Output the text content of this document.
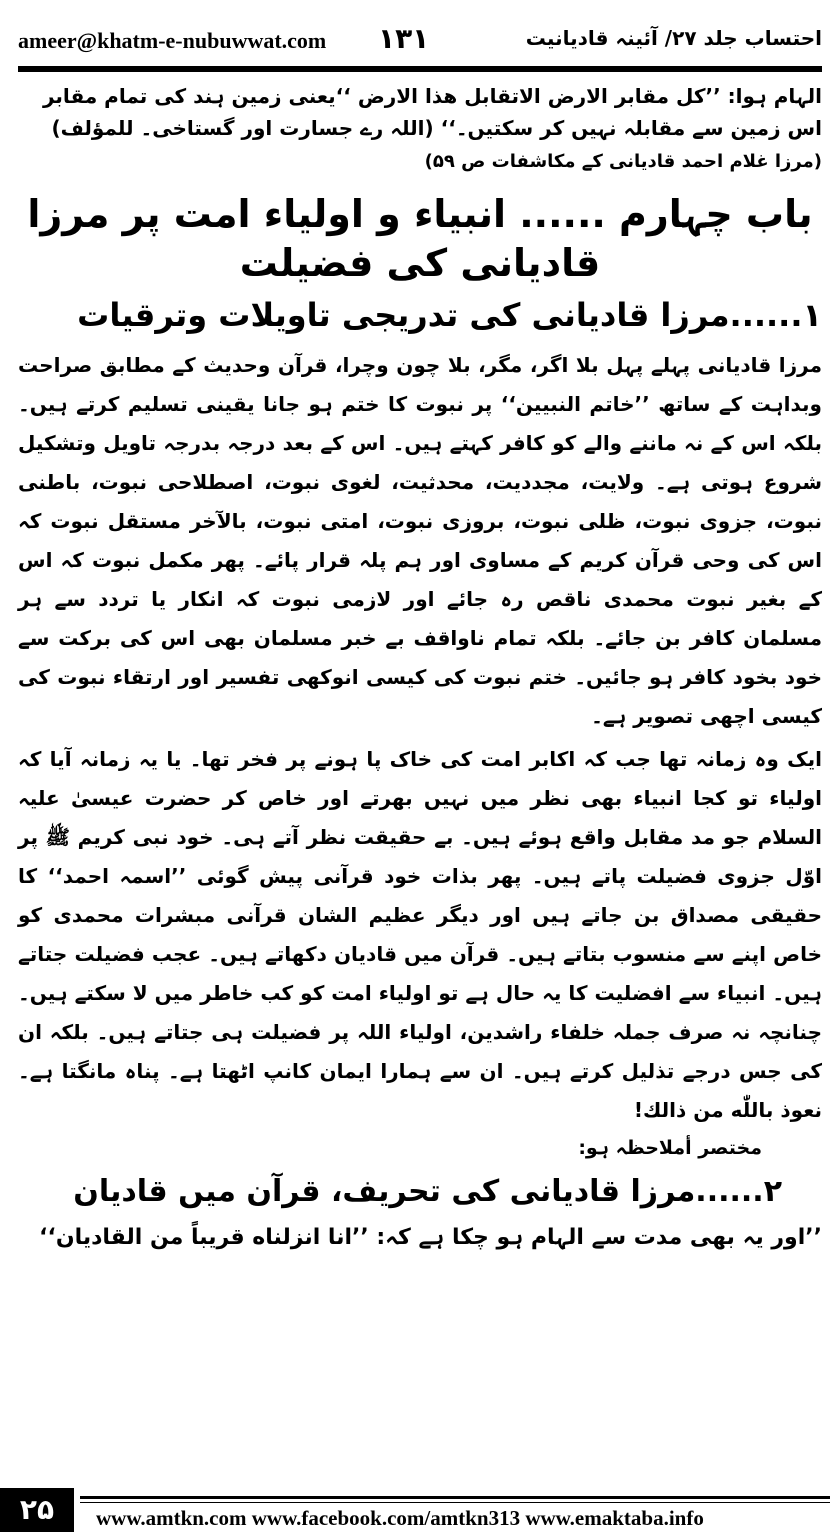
ameer@khatm-e-nubuwwat.com ۱۳۱	احتساب جلد ۲۷/ آئینہ قادیانیت

الہام ہوا: ’’کل مقابر الارض الاتقابل هذا الارض ‘‘یعنی زمین ہند کی تمام مقابر اس زمین سے مقابلہ نہیں کر سکتیں۔‘‘ (اللہ رے جسارت اور گستاخی۔ للمؤلف)

(مرزا غلام احمد قادیانی کے مکاشفات ص ۵۹)

باب چہارم ...... انبیاء و اولیاء امت پر مرزا قادیانی کی فضیلت

۱......مرزا قادیانی کی تدریجی تاویلات وترقیات

مرزا قادیانی پہلے پہل بلا اگر، مگر، بلا چون وچرا، قرآن وحدیث کے مطابق صراحت وبداہت کے ساتھ ’’خاتم النبیین‘‘ پر نبوت کا ختم ہو جانا یقینی تسلیم کرتے ہیں۔ بلکہ اس کے نہ ماننے والے کو کافر کہتے ہیں۔ اس کے بعد درجہ بدرجہ تاویل وتشکیل شروع ہوتی ہے۔ ولایت، مجددیت، محدثیت، لغوی نبوت، اصطلاحی نبوت، باطنی نبوت، جزوی نبوت، ظلی نبوت، بروزی نبوت، امتی نبوت، بالآخر مستقل نبوت کہ اس کی وحی قرآن کریم کے مساوی اور ہم پلہ قرار پائے۔ پھر مکمل نبوت کہ اس کے بغیر نبوت محمدی ناقص رہ جائے اور لازمی نبوت کہ انکار یا تردد سے ہر مسلمان کافر بن جائے۔ بلکہ تمام ناواقف بے خبر مسلمان بھی اس کی برکت سے خود بخود کافر ہو جائیں۔ ختم نبوت کی کیسی انوکھی تفسیر اور ارتقاء نبوت کی کیسی اچھی تصویر ہے۔

ایک وہ زمانہ تھا جب کہ اکابر امت کی خاک پا ہونے پر فخر تھا۔ یا یہ زمانہ آیا کہ اولیاء تو کجا انبیاء بھی نظر میں نہیں بھرتے اور خاص کر حضرت عیسیٰ علیہ السلام جو مد مقابل واقع ہوئے ہیں۔ بے حقیقت نظر آتے ہی۔ خود نبی کریم ﷺ پر اوّل جزوی فضیلت پاتے ہیں۔ پھر بذات خود قرآنی پیش گوئی ’’اسمہ احمد‘‘ کا حقیقی مصداق بن جاتے ہیں اور دیگر عظیم الشان قرآنی مبشرات محمدی کو خاص اپنے سے منسوب بتاتے ہیں۔ قرآن میں قادیان دکھاتے ہیں۔ عجب فضیلت جتاتے ہیں۔ انبیاء سے افضلیت کا یہ حال ہے تو اولیاء امت کو کب خاطر میں لا سکتے ہیں۔ چنانچہ نہ صرف جملہ خلفاء راشدین، اولیاء اللہ پر فضیلت ہی جتاتے ہیں۔ بلکہ ان کی جس درجے تذلیل کرتے ہیں۔ ان سے ہمارا ایمان کانپ اٹھتا ہے۔ پناہ مانگتا ہے۔ نعوذ باللّٰه من ذالك!

مختصر أملاحظہ ہو:

۲......مرزا قادیانی کی تحریف، قرآن میں قادیان

’’اور یہ بھی مدت سے الہام ہو چکا ہے کہ: ’’انا انزلناه قريباً من القاديان‘‘

۲۵	www.amtkn.com www.facebook.com/amtkn313 www.emaktaba.info
